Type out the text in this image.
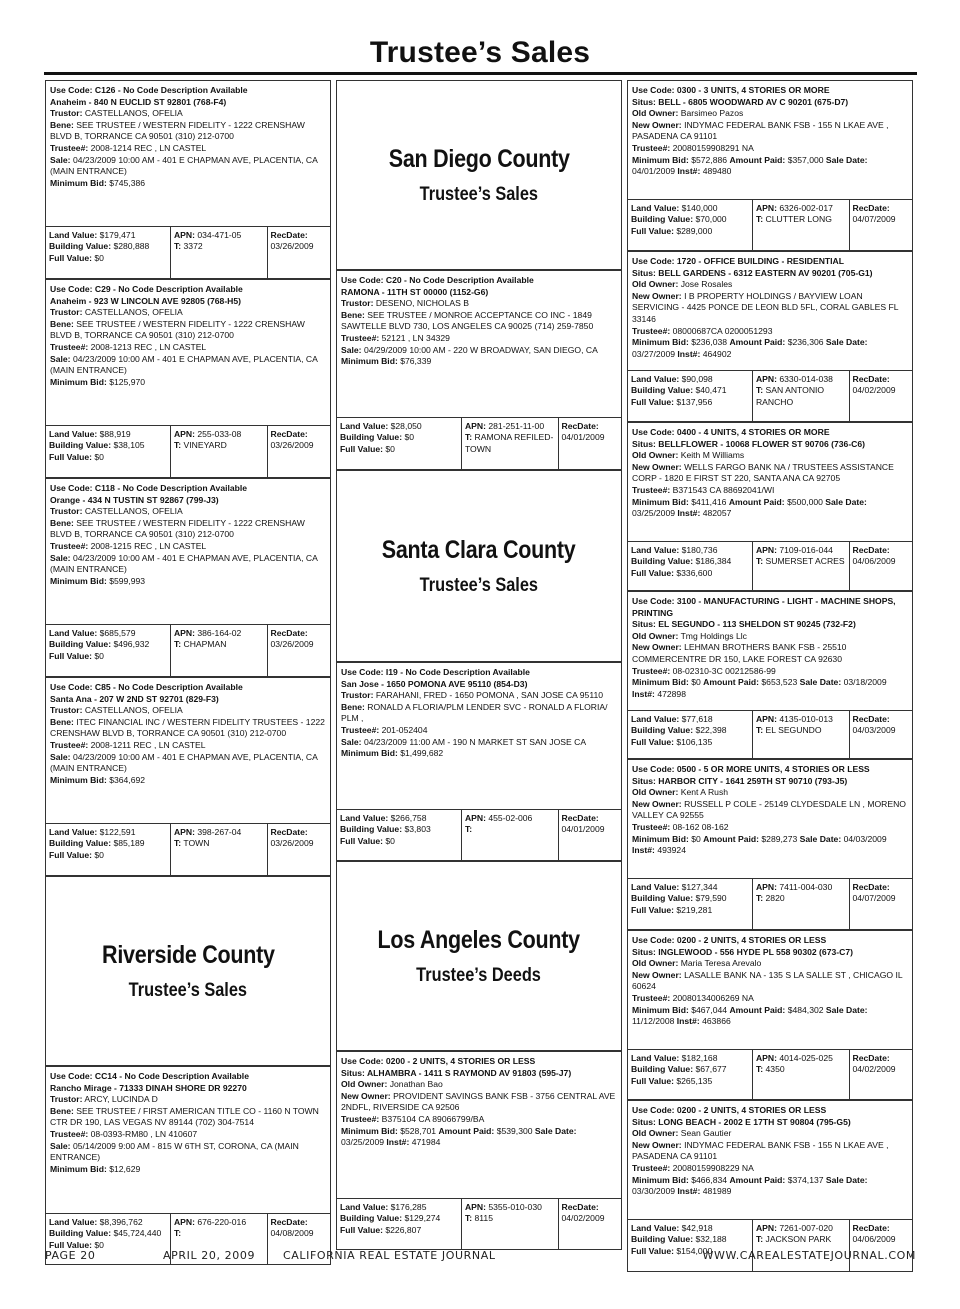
Trustee’s Sales
Use Code: C126 - No Code Description Available
Anaheim - 840 N EUCLID ST 92801 (768-F4)
Trustor: CASTELLANOS, OFELIA
Bene: SEE TRUSTEE / WESTERN FIDELITY - 1222 CRENSHAW BLVD B, TORRANCE CA 90501 (310) 212-0700
Trustee#: 2008-1214 REC , LN CASTEL
Sale: 04/23/2009 10:00 AM - 401 E CHAPMAN AVE, PLACENTIA, CA (MAIN ENTRANCE)
Minimum Bid: $745,386
Land Value: $179,471
Building Value: $280,888
Full Value: $0
APN: 034-471-05
T: 3372
RecDate:
03/26/2009
Use Code: C29 - No Code Description Available
Anaheim - 923 W LINCOLN AVE 92805 (768-H5)
Trustor: CASTELLANOS, OFELIA
Bene: SEE TRUSTEE / WESTERN FIDELITY - 1222 CRENSHAW BLVD B, TORRANCE CA 90501 (310) 212-0700
Trustee#: 2008-1213 REC , LN CASTEL
Sale: 04/23/2009 10:00 AM - 401 E CHAPMAN AVE, PLACENTIA, CA (MAIN ENTRANCE)
Minimum Bid: $125,970
Land Value: $88,919
Building Value: $38,105
Full Value: $0
APN: 255-033-08
T: VINEYARD
RecDate:
03/26/2009
Use Code: C118 - No Code Description Available
Orange - 434 N TUSTIN ST 92867 (799-J3)
Trustor: CASTELLANOS, OFELIA
Bene: SEE TRUSTEE / WESTERN FIDELITY - 1222 CRENSHAW BLVD B, TORRANCE CA 90501 (310) 212-0700
Trustee#: 2008-1215 REC , LN CASTEL
Sale: 04/23/2009 10:00 AM - 401 E CHAPMAN AVE, PLACENTIA, CA (MAIN ENTRANCE)
Minimum Bid: $599,993
Land Value: $685,579
Building Value: $496,932
Full Value: $0
APN: 386-164-02
T: CHAPMAN
RecDate:
03/26/2009
Use Code: C85 - No Code Description Available
Santa Ana - 207 W 2ND ST 92701 (829-F3)
Trustor: CASTELLANOS, OFELIA
Bene: ITEC FINANCIAL INC / WESTERN FIDELITY TRUSTEES - 1222 CRENSHAW BLVD B, TORRANCE CA 90501 (310) 212-0700
Trustee#: 2008-1211 REC , LN CASTEL
Sale: 04/23/2009 10:00 AM - 401 E CHAPMAN AVE, PLACENTIA, CA (MAIN ENTRANCE)
Minimum Bid: $364,692
Land Value: $122,591
Building Value: $85,189
Full Value: $0
APN: 398-267-04
T: TOWN
RecDate:
03/26/2009
Riverside County
Trustee’s Sales
Use Code: CC14 - No Code Description Available
Rancho Mirage - 71333 DINAH SHORE DR 92270
Trustor: ARCY, LUCINDA D
Bene: SEE TRUSTEE / FIRST AMERICAN TITLE CO - 1160 N TOWN CTR DR 190, LAS VEGAS NV 89144 (702) 304-7514
Trustee#: 08-0393-RM80 , LN 410607
Sale: 05/14/2009 9:00 AM - 815 W 6TH ST, CORONA, CA (MAIN ENTRANCE)
Minimum Bid: $12,629
Land Value: $8,396,762
Building Value: $45,724,440
Full Value: $0
APN: 676-220-016
T:
RecDate:
04/08/2009
San Diego County
Trustee’s Sales
Use Code: C20 - No Code Description Available
RAMONA - 11TH ST 00000 (1152-G6)
Trustor: DESENO, NICHOLAS B
Bene: SEE TRUSTEE / MONROE ACCEPTANCE CO INC - 1849 SAWTELLE BLVD 730, LOS ANGELES CA 90025 (714) 259-7850
Trustee#: 52121 , LN 34329
Sale: 04/29/2009 10:00 AM - 220 W BROADWAY, SAN DIEGO, CA
Minimum Bid: $76,339
Land Value: $28,050
Building Value: $0
Full Value: $0
APN: 281-251-11-00
T: RAMONA REFILED-TOWN
RecDate:
04/01/2009
Santa Clara County
Trustee’s Sales
Use Code: I19 - No Code Description Available
San Jose - 1650 POMONA AVE 95110 (854-D3)
Trustor: FARAHANI, FRED - 1650 POMONA , SAN JOSE CA 95110
Bene: RONALD A FLORIA/PLM LENDER SVC - RONALD A FLORIA/ PLM ,
Trustee#: 201-052404
Sale: 04/23/2009 11:00 AM - 190 N MARKET ST SAN JOSE CA
Minimum Bid: $1,499,682
Land Value: $266,758
Building Value: $3,803
Full Value: $0
APN: 455-02-006
T:
RecDate:
04/01/2009
Los Angeles County
Trustee’s Deeds
Use Code: 0200 - 2 UNITS, 4 STORIES OR LESS
Situs: ALHAMBRA - 1411 S RAYMOND AV 91803 (595-J7)
Old Owner: Jonathan Bao
New Owner: PROVIDENT SAVINGS BANK FSB - 3756 CENTRAL AVE 2NDFL, RIVERSIDE CA 92506
Trustee#: B375104 CA 89066799/BA
Minimum Bid: $528,701 Amount Paid: $539,300 Sale Date: 03/25/2009 Inst#: 471984
Land Value: $176,285
Building Value: $129,274
Full Value: $226,807
APN: 5355-010-030
T: 8115
RecDate:
04/02/2009
Use Code: 0300 - 3 UNITS, 4 STORIES OR MORE
Situs: BELL - 6805 WOODWARD AV C 90201 (675-D7)
Old Owner: Barsimeo Pazos
New Owner: INDYMAC FEDERAL BANK FSB - 155 N LKAE AVE , PASADENA CA 91101
Trustee#: 20080159908291 NA
Minimum Bid: $572,886 Amount Paid: $357,000 Sale Date: 04/01/2009 Inst#: 489480
Land Value: $140,000
Building Value: $70,000
Full Value: $289,000
APN: 6326-002-017
T: CLUTTER LONG
RecDate:
04/07/2009
Use Code: 1720 - OFFICE BUILDING - RESIDENTIAL
Situs: BELL GARDENS - 6312 EASTERN AV 90201 (705-G1)
Old Owner: Jose Rosales
New Owner: I B PROPERTY HOLDINGS / BAYVIEW LOAN SERVICING - 4425 PONCE DE LEON BLD 5FL, CORAL GABLES FL 33146
Trustee#: 08000687CA 0200051293
Minimum Bid: $236,038 Amount Paid: $236,306 Sale Date: 03/27/2009 Inst#: 464902
Land Value: $90,098
Building Value: $40,471
Full Value: $137,956
APN: 6330-014-038
T: SAN ANTONIO RANCHO
RecDate:
04/02/2009
Use Code: 0400 - 4 UNITS, 4 STORIES OR MORE
Situs: BELLFLOWER - 10068 FLOWER ST 90706 (736-C6)
Old Owner: Keith M Williams
New Owner: WELLS FARGO BANK NA / TRUSTEES ASSISTANCE CORP - 1820 E FIRST ST 220, SANTA ANA CA 92705
Trustee#: B371543 CA 88692041/WI
Minimum Bid: $411,416 Amount Paid: $500,000 Sale Date: 03/25/2009 Inst#: 482057
Land Value: $180,736
Building Value: $186,384
Full Value: $336,600
APN: 7109-016-044
T: SUMERSET ACRES
RecDate:
04/06/2009
Use Code: 3100 - MANUFACTURING - LIGHT - MACHINE SHOPS, PRINTING
Situs: EL SEGUNDO - 113 SHELDON ST 90245 (732-F2)
Old Owner: Tmg Holdings Llc
New Owner: LEHMAN BROTHERS BANK FSB - 25510 COMMERCENTRE DR 150, LAKE FOREST CA 92630
Trustee#: 08-02310-3C 00212586-99
Minimum Bid: $0 Amount Paid: $653,523 Sale Date: 03/18/2009 Inst#: 472898
Land Value: $77,618
Building Value: $22,398
Full Value: $106,135
APN: 4135-010-013
T: EL SEGUNDO
RecDate:
04/03/2009
Use Code: 0500 - 5 OR MORE UNITS, 4 STORIES OR LESS
Situs: HARBOR CITY - 1641 259TH ST 90710 (793-J5)
Old Owner: Kent A Rush
New Owner: RUSSELL P COLE - 25149 CLYDESDALE LN , MORENO VALLEY CA 92555
Trustee#: 08-162 08-162
Minimum Bid: $0 Amount Paid: $289,273 Sale Date: 04/03/2009 Inst#: 493924
Land Value: $127,344
Building Value: $79,590
Full Value: $219,281
APN: 7411-004-030
T: 2820
RecDate:
04/07/2009
Use Code: 0200 - 2 UNITS, 4 STORIES OR LESS
Situs: INGLEWOOD - 556 HYDE PL 558 90302 (673-C7)
Old Owner: Maria Teresa Arevalo
New Owner: LASALLE BANK NA - 135 S LA SALLE ST , CHICAGO IL 60624
Trustee#: 20080134006269 NA
Minimum Bid: $467,044 Amount Paid: $484,302 Sale Date: 11/12/2008 Inst#: 463866
Land Value: $182,168
Building Value: $67,677
Full Value: $265,135
APN: 4014-025-025
T: 4350
RecDate:
04/02/2009
Use Code: 0200 - 2 UNITS, 4 STORIES OR LESS
Situs: LONG BEACH - 2002 E 17TH ST 90804 (795-G5)
Old Owner: Sean Gautier
New Owner: INDYMAC FEDERAL BANK FSB - 155 N LKAE AVE , PASADENA CA 91101
Trustee#: 20080159908229 NA
Minimum Bid: $466,834 Amount Paid: $374,137 Sale Date: 03/30/2009 Inst#: 481989
Land Value: $42,918
Building Value: $32,188
Full Value: $154,000
APN: 7261-007-020
T: JACKSON PARK
RecDate:
04/06/2009
PAGE 20	APRIL 20, 2009	CALIFORNIA REAL ESTATE JOURNAL	WWW.CAREALESTATEJOURNAL.COM
